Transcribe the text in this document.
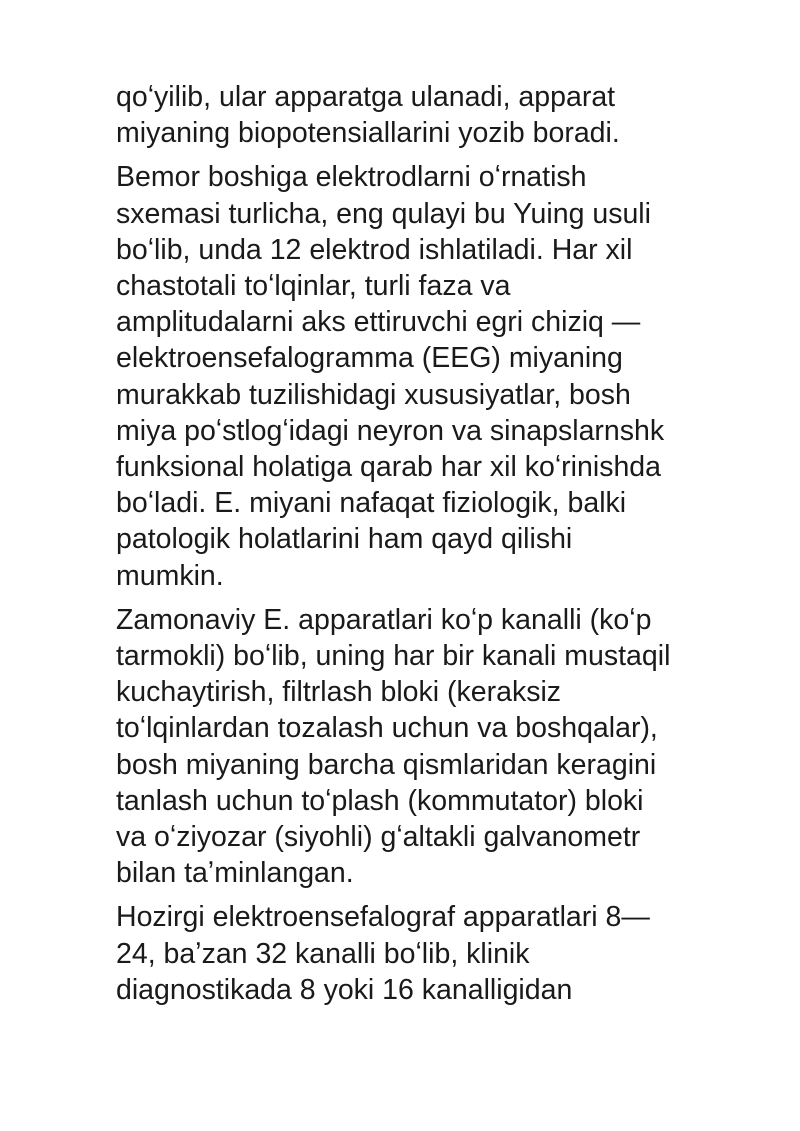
qoʻyilib, ular apparatga ulanadi, apparat
miyaning biopotensiallarini yozib boradi.

Bemor boshiga elektrodlarni oʻrnatish
sxemasi turlicha, eng qulayi bu Yuing usuli
boʻlib, unda 12 elektrod ishlatiladi. Har xil
chastotali toʻlqinlar, turli faza va
amplitudalarni aks ettiruvchi egri chiziq —
elektroensefalogramma (EEG) miyaning
murakkab tuzilishidagi xususiyatlar, bosh
miya poʻstlogʻidagi neyron va sinapslarnshk
funksional holatiga qarab har xil koʻrinishda
boʻladi. E. miyani nafaqat fiziologik, balki
patologik holatlarini ham qayd qilishi
mumkin.

Zamonaviy E. apparatlari koʻp kanalli (koʻp
tarmokli) boʻlib, uning har bir kanali mustaqil
kuchaytirish, filtrlash bloki (keraksiz
toʻlqinlardan tozalash uchun va boshqalar),
bosh miyaning barcha qismlaridan keragini
tanlash uchun toʻplash (kommutator) bloki
va oʻziyozar (siyohli) gʻaltakli galvanometr
bilan taʼminlangan.

Hozirgi elektroensefalograf apparatlari 8—
24, baʼzan 32 kanalli boʻlib, klinik
diagnostikada 8 yoki 16 kanalligidan
